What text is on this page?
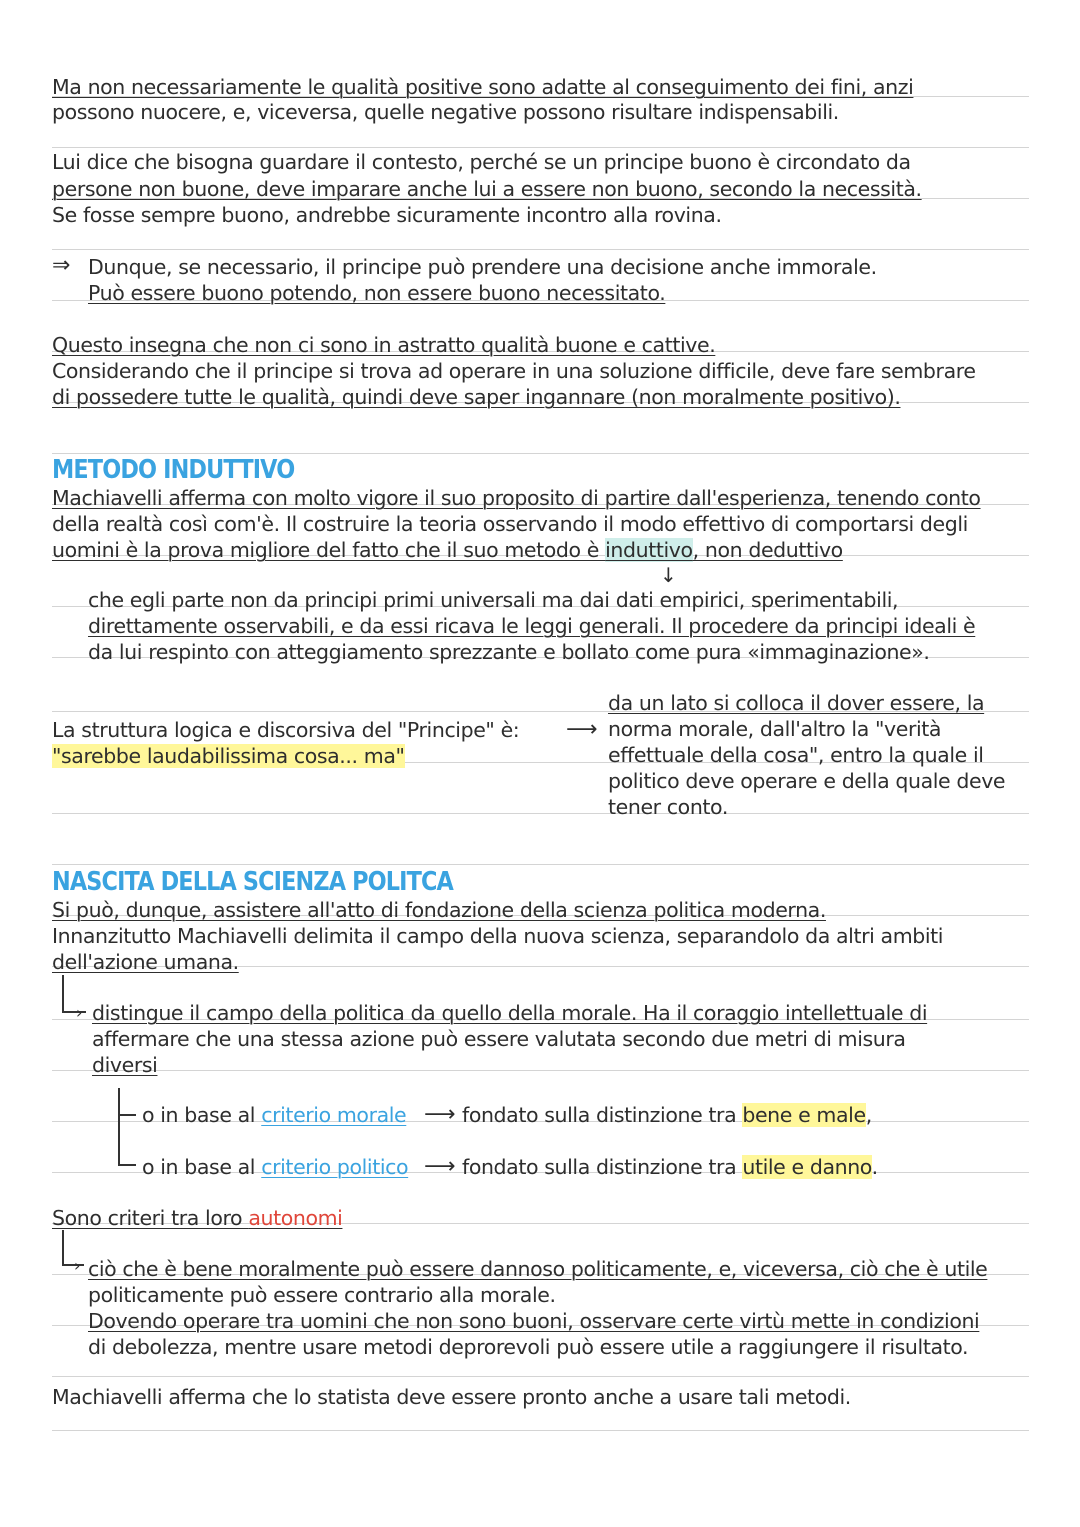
Ma non necessariamente le qualità positive sono adatte al conseguimento dei fini, anzi
possono nuocere, e, viceversa, quelle negative possono risultare indispensabili.
Lui dice che bisogna guardare il contesto, perché se un principe buono è circondato da
persone non buone, deve imparare anche lui a essere non buono, secondo la necessità.
Se fosse sempre buono, andrebbe sicuramente incontro alla rovina.
⇒ Dunque, se necessario, il principe può prendere una decisione anche immorale.
Può essere buono potendo, non essere buono necessitato.
Questo insegna che non ci sono in astratto qualità buone e cattive.
Considerando che il principe si trova ad operare in una soluzione difficile, deve fare sembrare
di possedere tutte le qualità, quindi deve saper ingannare (non moralmente positivo).
METODO INDUTTIVO
Machiavelli afferma con molto vigore il suo proposito di partire dall'esperienza, tenendo conto
della realtà così com'è. Il costruire la teoria osservando il modo effettivo di comportarsi degli
uomini è la prova migliore del fatto che il suo metodo è induttivo, non deduttivo
↓
che egli parte non da principi primi universali ma dai dati empirici, sperimentabili,
direttamente osservabili, e da essi ricava le leggi generali. Il procedere da principi ideali è
da lui respinto con atteggiamento sprezzante e bollato come pura «immaginazione».
La struttura logica e discorsiva del "Principe" è:
"sarebbe laudabilissima cosa... ma"
⟶
da un lato si colloca il dover essere, la
norma morale, dall'altro la "verità
effettuale della cosa", entro la quale il
politico deve operare e della quale deve
tener conto.
NASCITA DELLA SCIENZA POLITCA
Si può, dunque, assistere all'atto di fondazione della scienza politica moderna.
Innanzitutto Machiavelli delimita il campo della nuova scienza, separandolo da altri ambiti
dell'azione umana.
› distingue il campo della politica da quello della morale. Ha il coraggio intellettuale di
affermare che una stessa azione può essere valutata secondo due metri di misura
diversi
o in base al criterio morale ⟶ fondato sulla distinzione tra bene e male,
o in base al criterio politico ⟶ fondato sulla distinzione tra utile e danno.
Sono criteri tra loro autonomi
› ciò che è bene moralmente può essere dannoso politicamente, e, viceversa, ciò che è utile
politicamente può essere contrario alla morale.
Dovendo operare tra uomini che non sono buoni, osservare certe virtù mette in condizioni
di debolezza, mentre usare metodi deprorevoli può essere utile a raggiungere il risultato.
Machiavelli afferma che lo statista deve essere pronto anche a usare tali metodi.
